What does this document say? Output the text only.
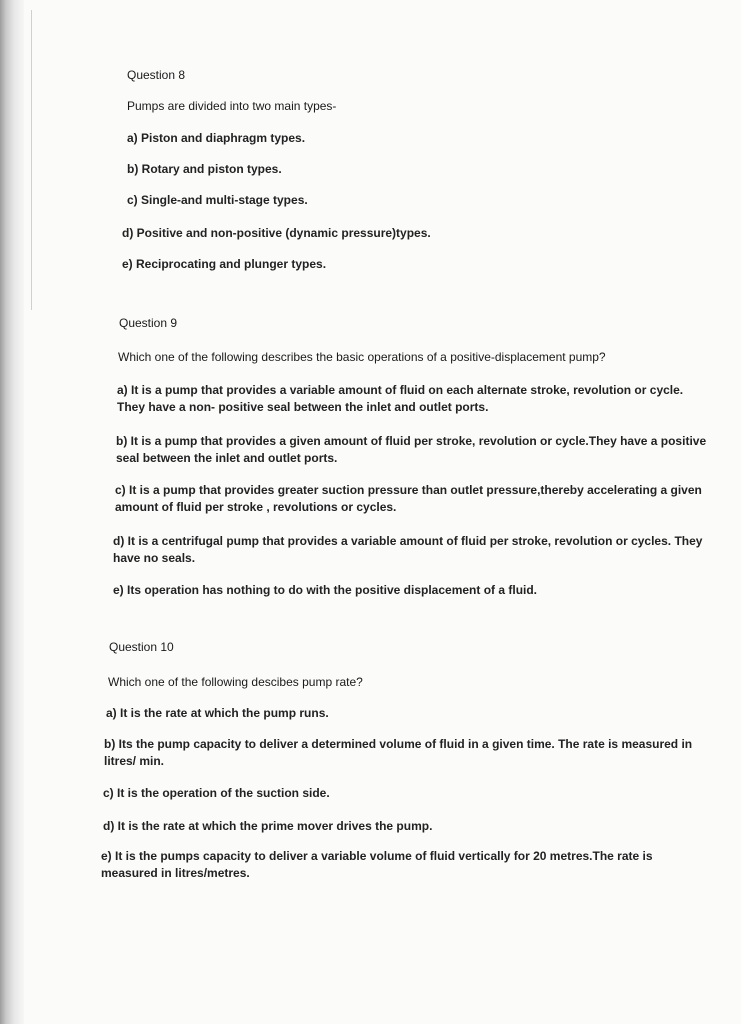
Question 8
Pumps are divided into two main types-
a) Piston and diaphragm types.
b) Rotary and piston types.
c) Single-and multi-stage types.
d) Positive and non-positive (dynamic pressure)types.
e) Reciprocating and plunger types.
Question 9
Which one of the following describes the basic operations of a positive-displacement pump?
a) It is a pump that provides a variable amount of fluid on each alternate stroke, revolution or cycle.
They have a non- positive seal between the inlet and outlet ports.
b) It is a pump that provides a given amount of fluid per stroke, revolution or cycle.They have a positive
seal between the inlet and outlet ports.
c) It is a pump that provides greater suction pressure than outlet pressure,thereby accelerating a given
amount of fluid per stroke , revolutions or cycles.
d) It is a centrifugal pump that provides a variable amount of fluid per stroke, revolution or cycles. They
have no seals.
e) Its operation has nothing to do with the positive displacement of a fluid.
Question 10
Which one of the following descibes pump rate?
a) It is the rate at which the pump runs.
b) Its the pump capacity to deliver a determined volume of fluid in a given time. The rate is measured in
litres/ min.
c) It is the operation of the suction side.
d) It is the rate at which the prime mover drives the pump.
e) It is the pumps capacity to deliver a variable volume of fluid vertically for 20 metres.The rate is
measured in litres/metres.
